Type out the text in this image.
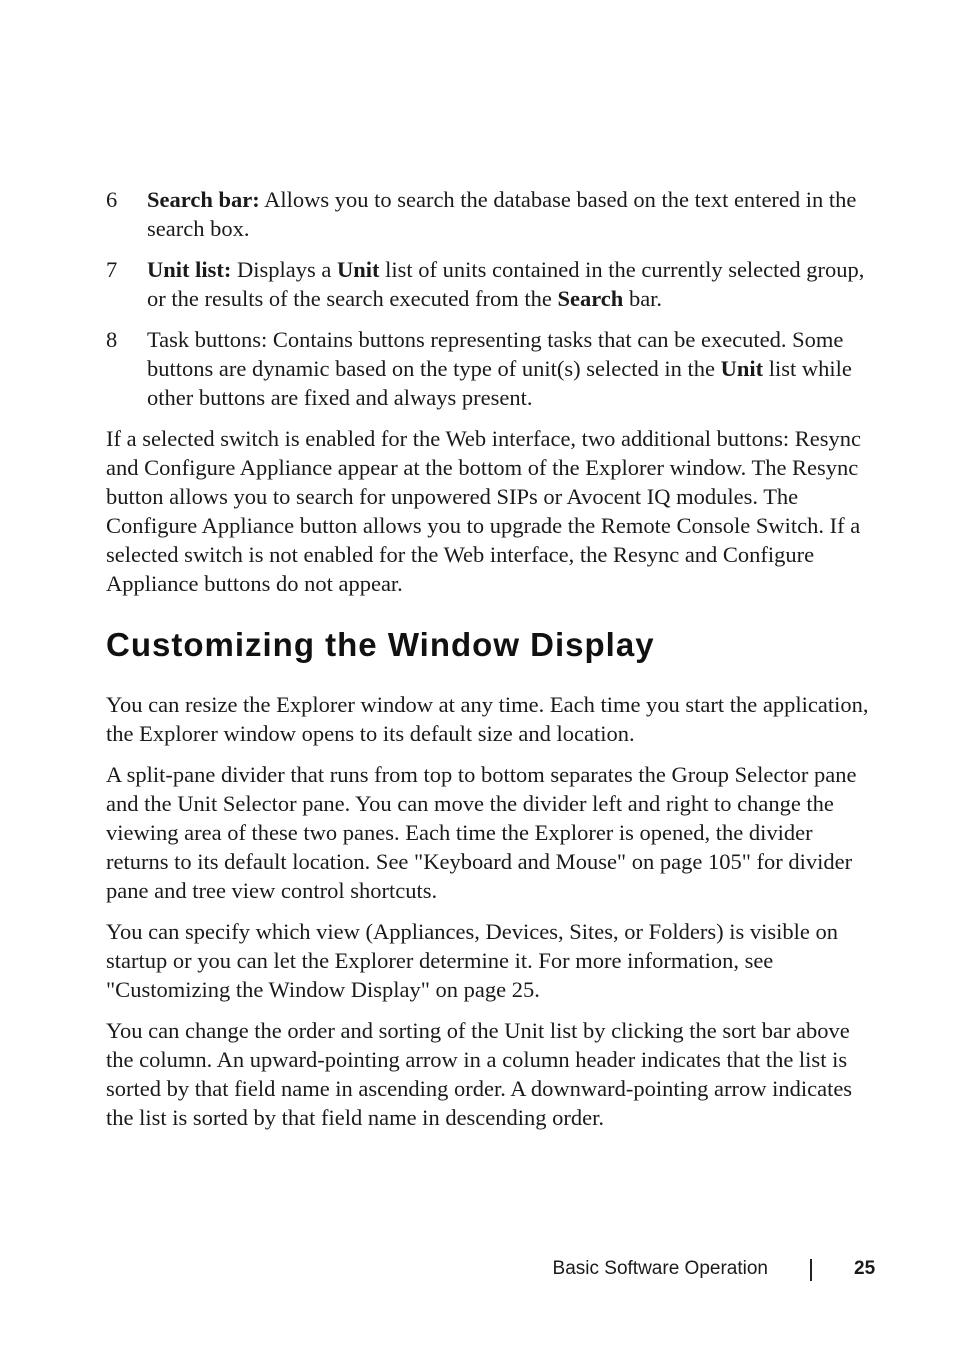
6	Search bar: Allows you to search the database based on the text entered in the search box.
7	Unit list: Displays a Unit list of units contained in the currently selected group, or the results of the search executed from the Search bar.
8	Task buttons: Contains buttons representing tasks that can be executed. Some buttons are dynamic based on the type of unit(s) selected in the Unit list while other buttons are fixed and always present.

If a selected switch is enabled for the Web interface, two additional buttons: Resync and Configure Appliance appear at the bottom of the Explorer window. The Resync button allows you to search for unpowered SIPs or Avocent IQ modules. The Configure Appliance button allows you to upgrade the Remote Console Switch. If a selected switch is not enabled for the Web interface, the Resync and Configure Appliance buttons do not appear.

Customizing the Window Display

You can resize the Explorer window at any time. Each time you start the application, the Explorer window opens to its default size and location.

A split-pane divider that runs from top to bottom separates the Group Selector pane and the Unit Selector pane. You can move the divider left and right to change the viewing area of these two panes. Each time the Explorer is opened, the divider returns to its default location. See "Keyboard and Mouse" on page 105" for divider pane and tree view control shortcuts.

You can specify which view (Appliances, Devices, Sites, or Folders) is visible on startup or you can let the Explorer determine it. For more information, see "Customizing the Window Display" on page 25.

You can change the order and sorting of the Unit list by clicking the sort bar above the column. An upward-pointing arrow in a column header indicates that the list is sorted by that field name in ascending order. A downward-pointing arrow indicates the list is sorted by that field name in descending order.

Basic Software Operation	25
